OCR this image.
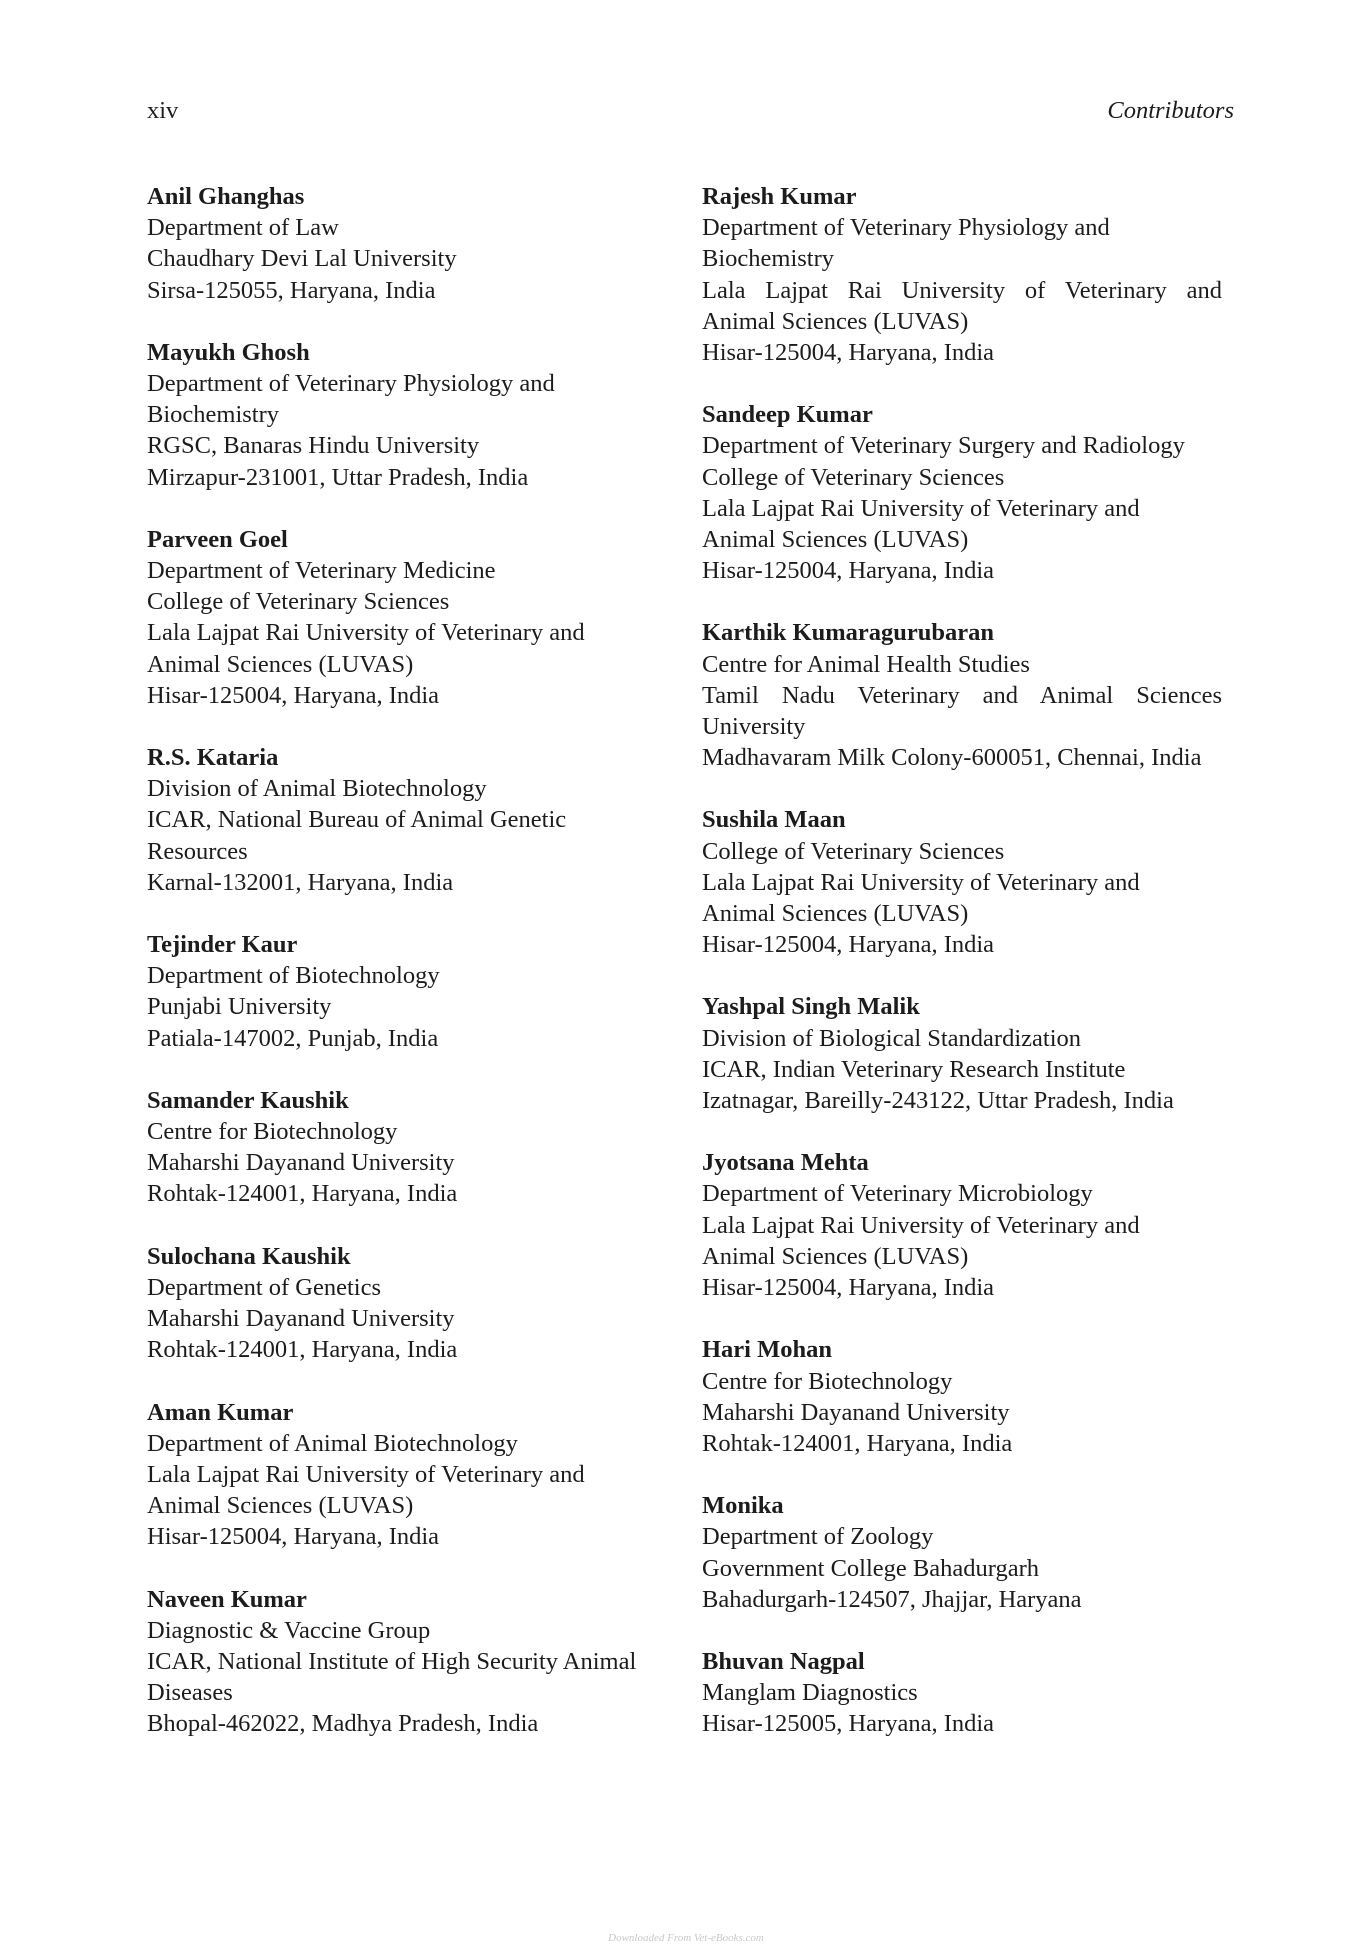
xiv	Contributors
Anil Ghanghas
Department of Law
Chaudhary Devi Lal University
Sirsa-125055, Haryana, India
Mayukh Ghosh
Department of Veterinary Physiology and
Biochemistry
RGSC, Banaras Hindu University
Mirzapur-231001, Uttar Pradesh, India
Parveen Goel
Department of Veterinary Medicine
College of Veterinary Sciences
Lala Lajpat Rai University of Veterinary and
Animal Sciences (LUVAS)
Hisar-125004, Haryana, India
R.S. Kataria
Division of Animal Biotechnology
ICAR, National Bureau of Animal Genetic
Resources
Karnal-132001, Haryana, India
Tejinder Kaur
Department of Biotechnology
Punjabi University
Patiala-147002, Punjab, India
Samander Kaushik
Centre for Biotechnology
Maharshi Dayanand University
Rohtak-124001, Haryana, India
Sulochana Kaushik
Department of Genetics
Maharshi Dayanand University
Rohtak-124001, Haryana, India
Aman Kumar
Department of Animal Biotechnology
Lala Lajpat Rai University of Veterinary and
Animal Sciences (LUVAS)
Hisar-125004, Haryana, India
Naveen Kumar
Diagnostic & Vaccine Group
ICAR, National Institute of High Security Animal
Diseases
Bhopal-462022, Madhya Pradesh, India
Rajesh Kumar
Department of Veterinary Physiology and
Biochemistry
Lala Lajpat Rai University of Veterinary and
Animal Sciences (LUVAS)
Hisar-125004, Haryana, India
Sandeep Kumar
Department of Veterinary Surgery and Radiology
College of Veterinary Sciences
Lala Lajpat Rai University of Veterinary and
Animal Sciences (LUVAS)
Hisar-125004, Haryana, India
Karthik Kumaragurubaran
Centre for Animal Health Studies
Tamil Nadu Veterinary and Animal Sciences
University
Madhavaram Milk Colony-600051, Chennai, India
Sushila Maan
College of Veterinary Sciences
Lala Lajpat Rai University of Veterinary and
Animal Sciences (LUVAS)
Hisar-125004, Haryana, India
Yashpal Singh Malik
Division of Biological Standardization
ICAR, Indian Veterinary Research Institute
Izatnagar, Bareilly-243122, Uttar Pradesh, India
Jyotsana Mehta
Department of Veterinary Microbiology
Lala Lajpat Rai University of Veterinary and
Animal Sciences (LUVAS)
Hisar-125004, Haryana, India
Hari Mohan
Centre for Biotechnology
Maharshi Dayanand University
Rohtak-124001, Haryana, India
Monika
Department of Zoology
Government College Bahadurgarh
Bahadurgarh-124507, Jhajjar, Haryana
Bhuvan Nagpal
Manglam Diagnostics
Hisar-125005, Haryana, India
Downloaded From Vet-eBooks.com
